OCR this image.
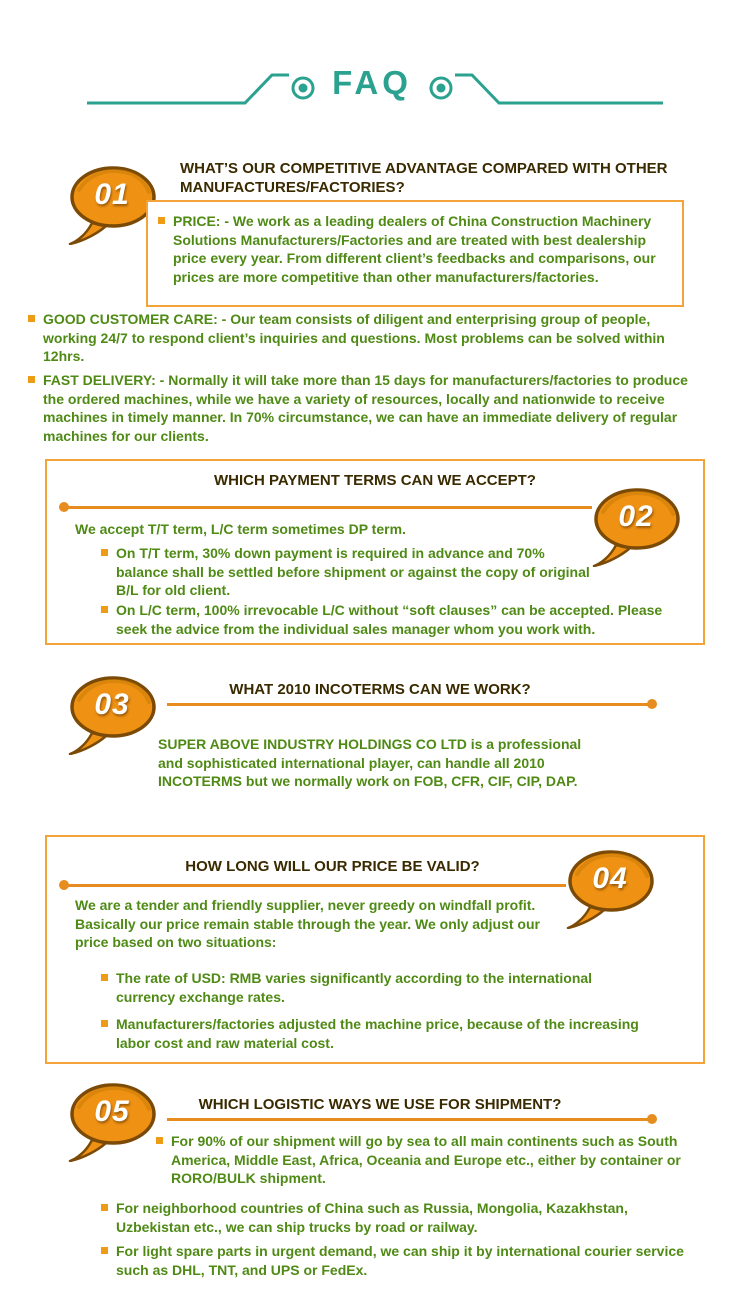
FAQ
01
WHAT’S OUR COMPETITIVE ADVANTAGE COMPARED WITH OTHER MANUFACTURES/FACTORIES?
PRICE: - We work as a leading dealers of China Construction Machinery Solutions Manufacturers/Factories and are treated with best dealership price every year. From different client’s feedbacks and comparisons, our prices are more competitive than other manufacturers/factories.
GOOD CUSTOMER CARE: - Our team consists of diligent and enterprising group of people, working 24/7 to respond client’s inquiries and questions. Most problems can be solved within 12hrs.
FAST DELIVERY: - Normally it will take more than 15 days for manufacturers/factories to produce the ordered machines, while we have a variety of resources, locally and nationwide to receive machines in timely manner. In 70% circumstance, we can have an immediate delivery of regular machines for our clients.
WHICH PAYMENT TERMS CAN WE ACCEPT?
02
We accept T/T term, L/C term sometimes DP term.
On T/T term, 30% down payment is required in advance and 70% balance shall be settled before shipment or against the copy of original B/L for old client.
On L/C term, 100% irrevocable L/C without “soft clauses” can be accepted. Please seek the advice from the individual sales manager whom you work with.
03	WHAT 2010 INCOTERMS CAN WE WORK?
SUPER ABOVE INDUSTRY HOLDINGS CO LTD is a professional and sophisticated international player, can handle all 2010 INCOTERMS but we normally work on FOB, CFR, CIF, CIP, DAP.
HOW LONG WILL OUR PRICE BE VALID?	04
We are a tender and friendly supplier, never greedy on windfall profit. Basically our price remain stable through the year. We only adjust our price based on two situations:
The rate of USD: RMB varies significantly according to the international currency exchange rates.
Manufacturers/factories adjusted the machine price, because of the increasing labor cost and raw material cost.
05	WHICH LOGISTIC WAYS WE USE FOR SHIPMENT?
For 90% of our shipment will go by sea to all main continents such as South America, Middle East, Africa, Oceania and Europe etc., either by container or RORO/BULK shipment.
For neighborhood countries of China such as Russia, Mongolia, Kazakhstan, Uzbekistan etc., we can ship trucks by road or railway.
For light spare parts in urgent demand, we can ship it by international courier service such as DHL, TNT, and UPS or FedEx.
